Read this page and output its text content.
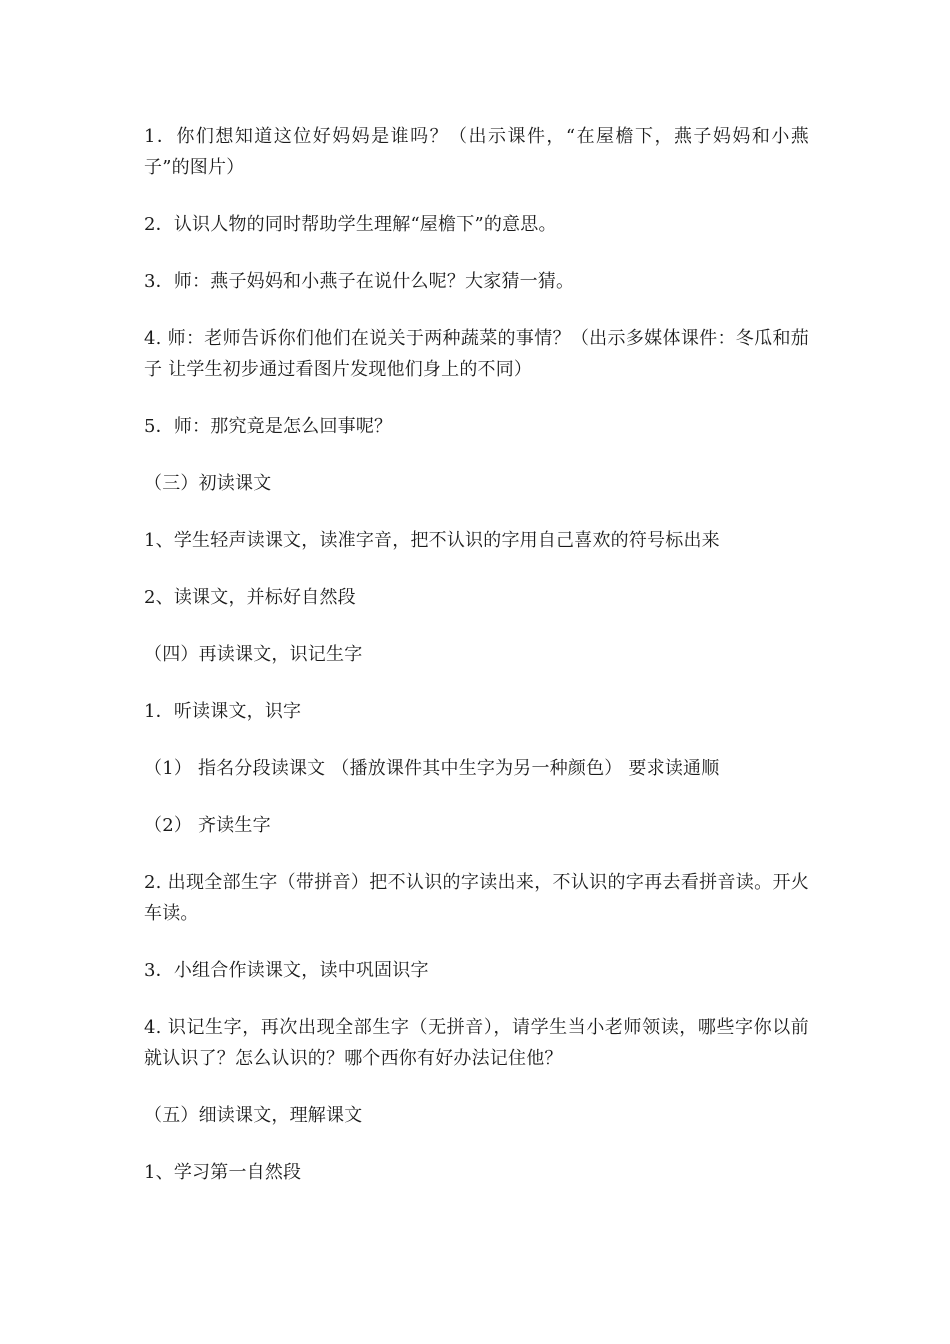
1．你们想知道这位好妈妈是谁吗？（出示课件，“在屋檐下，燕子妈妈和小燕子”的图片）

2．认识人物的同时帮助学生理解“屋檐下”的意思。

3．师：燕子妈妈和小燕子在说什么呢？大家猜一猜。

4. 师：老师告诉你们他们在说关于两种蔬菜的事情？（出示多媒体课件：冬瓜和茄子 让学生初步通过看图片发现他们身上的不同）

5．师：那究竟是怎么回事呢？

（三）初读课文

1、学生轻声读课文，读准字音，把不认识的字用自己喜欢的符号标出来

2、读课文，并标好自然段

（四）再读课文，识记生字

1．听读课文，识字

（1） 指名分段读课文 （播放课件其中生字为另一种颜色） 要求读通顺

（2） 齐读生字

2. 出现全部生字（带拼音）把不认识的字读出来，不认识的字再去看拼音读。开火车读。

3．小组合作读课文，读中巩固识字

4. 识记生字，再次出现全部生字（无拼音），请学生当小老师领读，哪些字你以前就认识了？怎么认识的？哪个西你有好办法记住他？

（五）细读课文，理解课文

1、学习第一自然段
